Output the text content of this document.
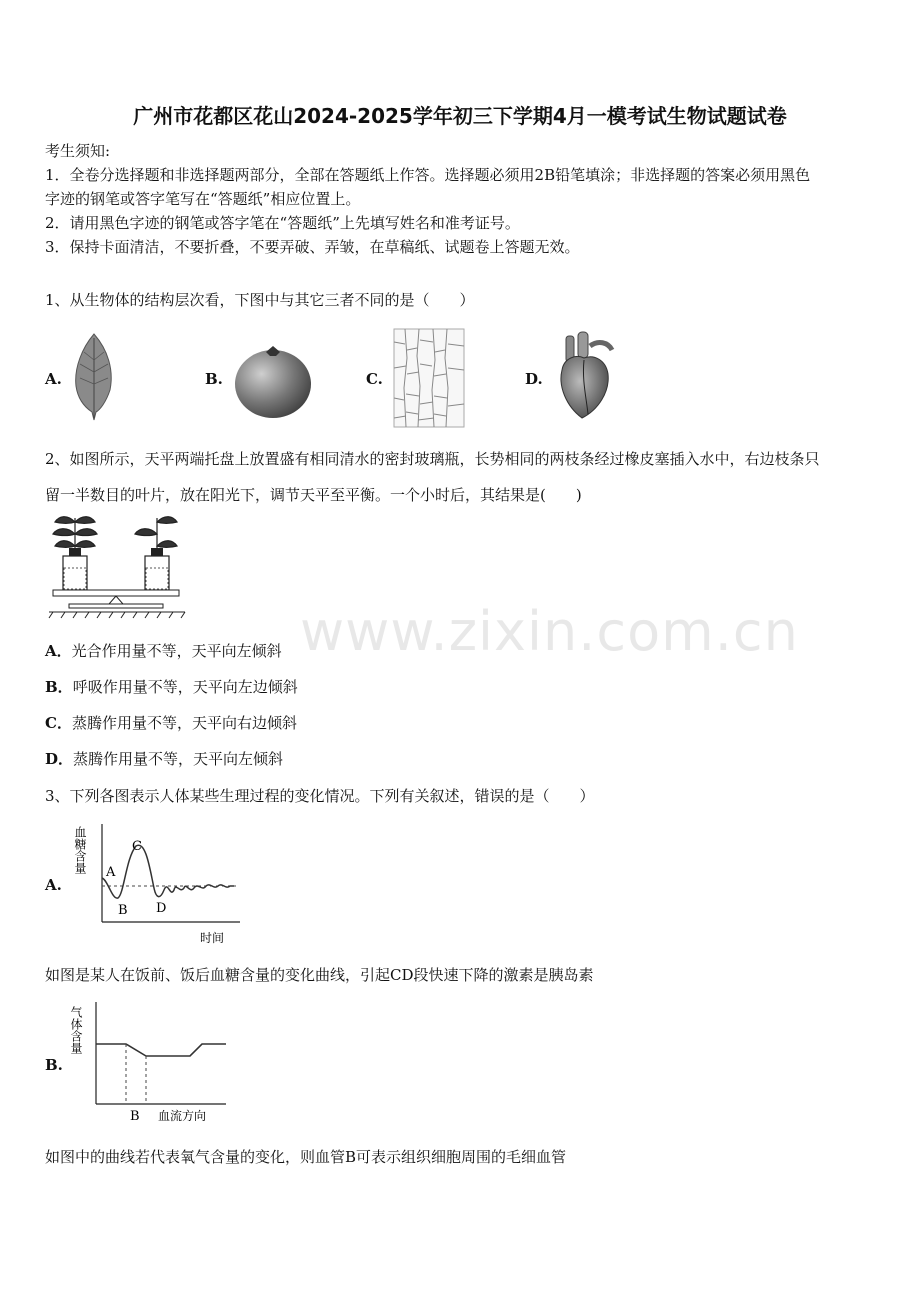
广州市花都区花山2024-2025学年初三下学期4月一模考试生物试题试卷
考生须知:
1．全卷分选择题和非选择题两部分，全部在答题纸上作答。选择题必须用2B铅笔填涂；非选择题的答案必须用黑色
字迹的钢笔或答字笔写在“答题纸”相应位置上。
2．请用黑色字迹的钢笔或答字笔在“答题纸”上先填写姓名和准考证号。
3．保持卡面清洁，不要折叠，不要弄破、弄皱，在草稿纸、试题卷上答题无效。
1、从生物体的结构层次看，下图中与其它三者不同的是（　　）
A.	B.	C.	D.
2、如图所示，天平两端托盘上放置盛有相同清水的密封玻璃瓶，长势相同的两枝条经过橡皮塞插入水中，右边枝条只
留一半数目的叶片，放在阳光下，调节天平至平衡。一个小时后，其结果是(　　)
www.zixin.com.cn
A．光合作用量不等，天平向左倾斜
B．呼吸作用量不等，天平向左边倾斜
C．蒸腾作用量不等，天平向右边倾斜
D．蒸腾作用量不等，天平向左倾斜
3、下列各图表示人体某些生理过程的变化情况。下列有关叙述，错误的是（　　）
A.
血糖含量
时间
A
B
C
D
如图是某人在饭前、饭后血糖含量的变化曲线，引起CD段快速下降的激素是胰岛素
B.
气体含量
血流方向
B
如图中的曲线若代表氧气含量的变化，则血管B可表示组织细胞周围的毛细血管
